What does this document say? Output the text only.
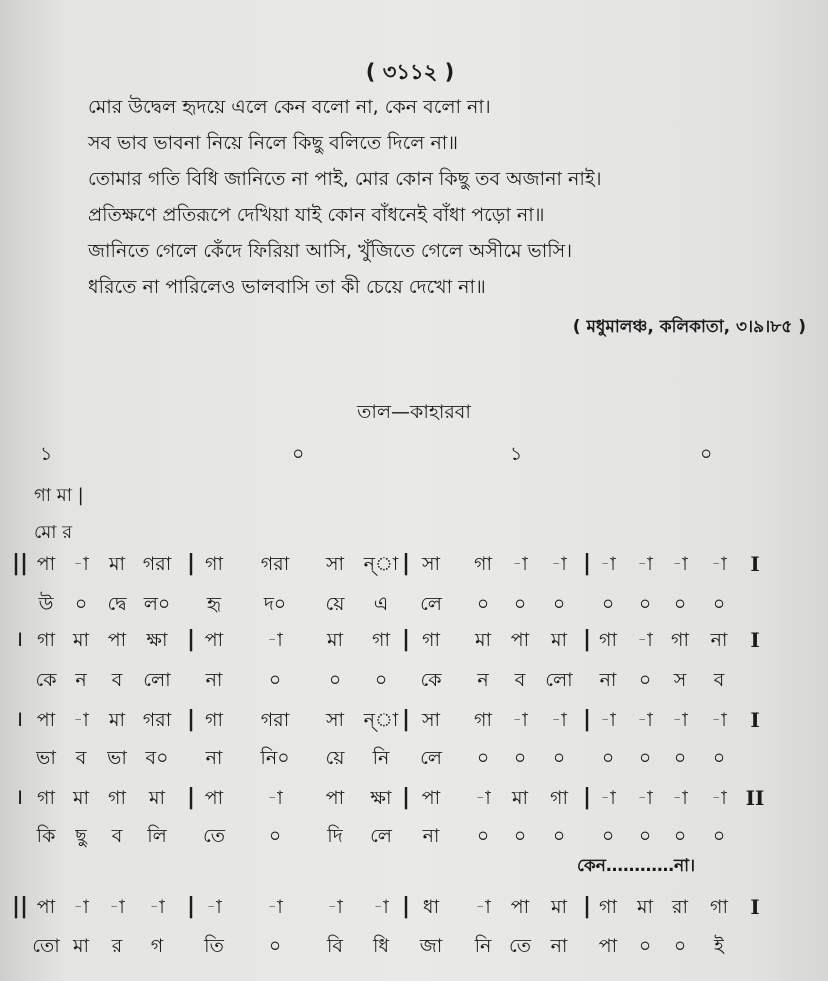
( ৩১১২ )
মোর উদ্বেল হৃদয়ে এলে কেন বলো না, কেন বলো না।
সব ভাব ভাবনা নিয়ে নিলে কিছু বলিতে দিলে না॥
তোমার গতি বিধি জানিতে না পাই, মোর কোন কিছু তব অজানা নাই।
প্রতিক্ষণে প্রতিরূপে দেখিয়া যাই কোন বাঁধনেই বাঁধা পড়ো না॥
জানিতে গেলে কেঁদে ফিরিয়া আসি, খুঁজিতে গেলে অসীমে ভাসি।
ধরিতে না পারিলেও ভালবাসি তা কী চেয়ে দেখো না॥
( মধুমালঞ্চ, কলিকাতা, ৩।৯।৮৫ )
তাল—কাহারবা
১	০	১	০
গা মা |
মো র
|| পা -া মা গরা | গা গরা সা ন্‌া | সা গা -া -া | -া -া -া -া I
উ ০ দ্বে ল০ হৃ দ০ য়ে এ লে ০ ০ ০ ০ ০ ০ ০
I গা মা পা ক্ষা | পা -া মা গা | গা মা পা মা | গা -া গা না I
কে ন ব লো না ০	০ ০ কে ন ব লো না ০ স ব
I পা -া মা গরা | গা গরা সা ন্‌া | সা গা -া -া | -া -া -া -া I
ভা ব ভা ব০ না নি০ য়ে নি লে ০ ০ ০ ০ ০ ০ ০
I গা মা গা মা | পা -া পা ক্ষা | পা -া মা গা | -া -া -া -া II
কি ছু ব লি তে ০ দি লে না ০ ০ ০ ০ ০ ০ ০
|| পা -া -া -া | -া -া -া -া | ধা -া পা মা | গা মা রা গা I
তো মা র গ তি ০ বি ধি জা নি তে না পা ০ ০ ই
কেন…………না।
